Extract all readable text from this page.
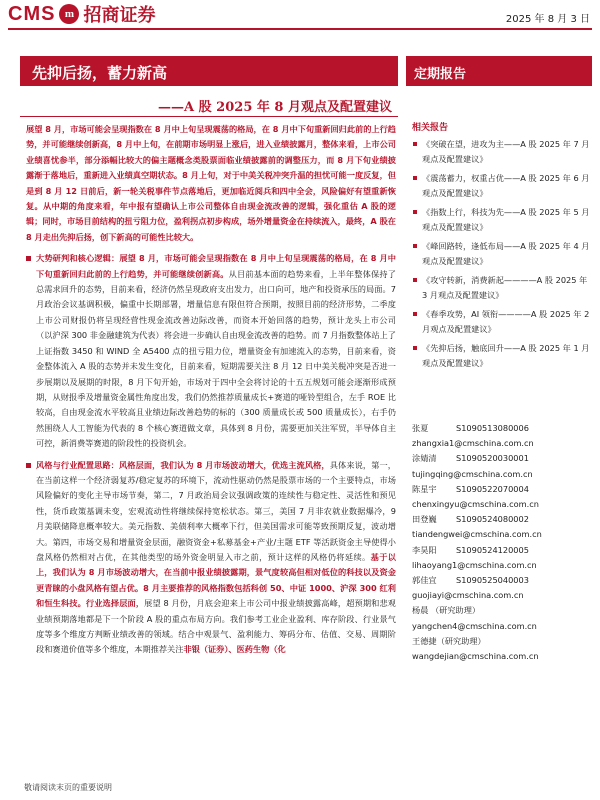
CMS m 招商证券	2025 年 8 月 3 日
先抑后扬，蓄力新高	定期报告
——A 股 2025 年 8 月观点及配置建议

展望 8 月，市场可能会呈现指数在 8 月中上旬呈现震荡的格局，在 8 月中下旬重新回归此前的上行趋势，并可能继续创新高，8 月中上旬，在前期市场明显上涨后，进入业绩披露月，整体来看，上市公司业绩喜忧参半，部分添幅比较大的偏主题概念类股票面临业绩披露前的调整压力，而 8 月下旬业绩披露渐于落地后，重新进入业绩真空期状态。8 月上旬，对于中美关税冲突升温的担忧可能一度反复，但是到 8 月 12 日前后，新一轮关税事件节点落地后，更加临近阅兵和四中全会，风险偏好有望重新恢复。从中期的角度来看，年中报有望确认上市公司整体自由现金流改善的逻辑，强化重估 A 股的逻辑；同时，市场目前结构的扭亏阻力位，盈利拐点初步构成，场外增量资金在持续流入，最终，A 股在 8 月走出先抑后扬，创下新高的可能性比较大。

大势研判和核心逻辑：展望 8 月，市场可能会呈现指数在 8 月中上旬呈现震荡的格局，在 8 月中下旬重新回归此前的上行趋势，并可能继续创新高。从目前基本面的趋势来看，上半年整体保持了总需求回升的态势，目前来看，经济仍然呈现政府支出发力，出口向可，地产和投资承压的局面。7 月政治会议基调积极，偏重中长期部署，增量信息有限但符合预期，按照目前的经济形势，二季度上市公司财报仍将呈现经营性现金流改善边际改善，而资本开始回落的趋势，预计龙头上市公司（以沪深 300 非金融建筑为代表）将会进一步确认自由现金流改善的趋势。而 7 月指数整体站上了上证指数 3450 和 WIND 全 A5400 点的扭亏阻力位，增量资金有加速流入的态势，目前来看，资金整体流入 A 股的态势并未发生变化，目前来看，短期需要关注 8 月 12 日中美关税冲突是否进一步展期以及展期的时限，8 月下旬开始，市场对于四中全会将讨论的十五五规划可能会逐渐形成预期，从财报季及增量资金属性角度出发，我们仍然推荐质量成长+赛道的哑铃型组合，左手 ROE 比较高，自由现金流水平较高且业绩边际改善趋势的标的（300 质量成长或 500 质量成长），右手仍然围绕人人工智能为代表的 8 个核心赛道做文章，具体到 8 月份，需要更加关注军贸，半导体自主可控，新消费等赛道的阶段性的投资机会。

风格与行业配置思路：风格层面，我们认为 8 月市场波动增大，优选主流风格，具体来说，第一，在当前这样一个经济弱复苏/稳定复苏的环境下，流动性驱动仍然是股票市场的一个主要特点，市场风险偏好的变化主导市场节奏，第二，7 月政治局会议强调政策的连续性与稳定性、灵活性和预见性，货币政策基调未变，宏观流动性将继续保持宽松状态。第三，美国 7 月非农就业数据爆冷，9 月美联储降息概率较大。美元指数、美债利率大概率下行，但美国需求可能等致预期反复，波动增大。第四，市场交易和增量资金层面，融资资金+私募基金+产业/主题 ETF 等活跃资金主导使得小盘风格仍然相对占优，在其他类型的场外资金明显入市之前，预计这样的风格仍将延续。基于以上，我们认为 8 月市场波动增大，在当前中报业绩披露期，景气度较高但相对低位的科技以及资金更青睐的小盘风格有望占优。8 月主要推荐的风格指数包括科创 50、中证 1000、沪深 300 红利和恒生科技。行业选择层面，展望 8 月份，月底会迎来上市公司中报业绩披露高峰，超预期和悲观业绩预期落地都是下一个阶段 A 股的重点布局方向。我们参考工业企业盈利、库存阶段、行业景气度等多个维度方判断业绩改善的领域。结合中观景气、盈利能力、筹码分布、估值、交易、周期阶段和赛道价值等多个维度，本期推荐关注非银（证券）、医药生物（化

相关报告
《突破在望，进攻为主——A 股 2025 年 7 月观点及配置建议》
《震荡蓄力，权重占优——A 股 2025 年 6 月观点及配置建议》
《指数上行，科技为先——A 股 2025 年 5 月观点及配置建议》
《峰回路转，逢低布局——A 股 2025 年 4 月观点及配置建议》
《攻守转新，消费新起————A 股 2025 年 3 月观点及配置建议》
《春季攻势，AI 领衔————A 股 2025 年 2 月观点及配置建议》
《先抑后扬，触底回升——A 股 2025 年 1 月观点及配置建议》
张夏	S1090513080006
zhangxia1@cmschina.com.cn
涂婧清	S1090520030001
tujingqing@cmschina.com.cn
陈星宇	S1090522070004
chenxingyu@cmschina.com.cn
田登巍	S1090524080002
tiandengwei@cmschina.com.cn
李昊阳	S1090524120005
lihaoyang1@cmschina.com.cn
郭佳宜	S1090525040003
guojiayi@cmschina.com.cn
杨晨 （研究助理）
yangchen4@cmschina.com.cn
王德捷（研究助理）
wangdejian@cmschina.com.cn
敬请阅读末页的重要说明
